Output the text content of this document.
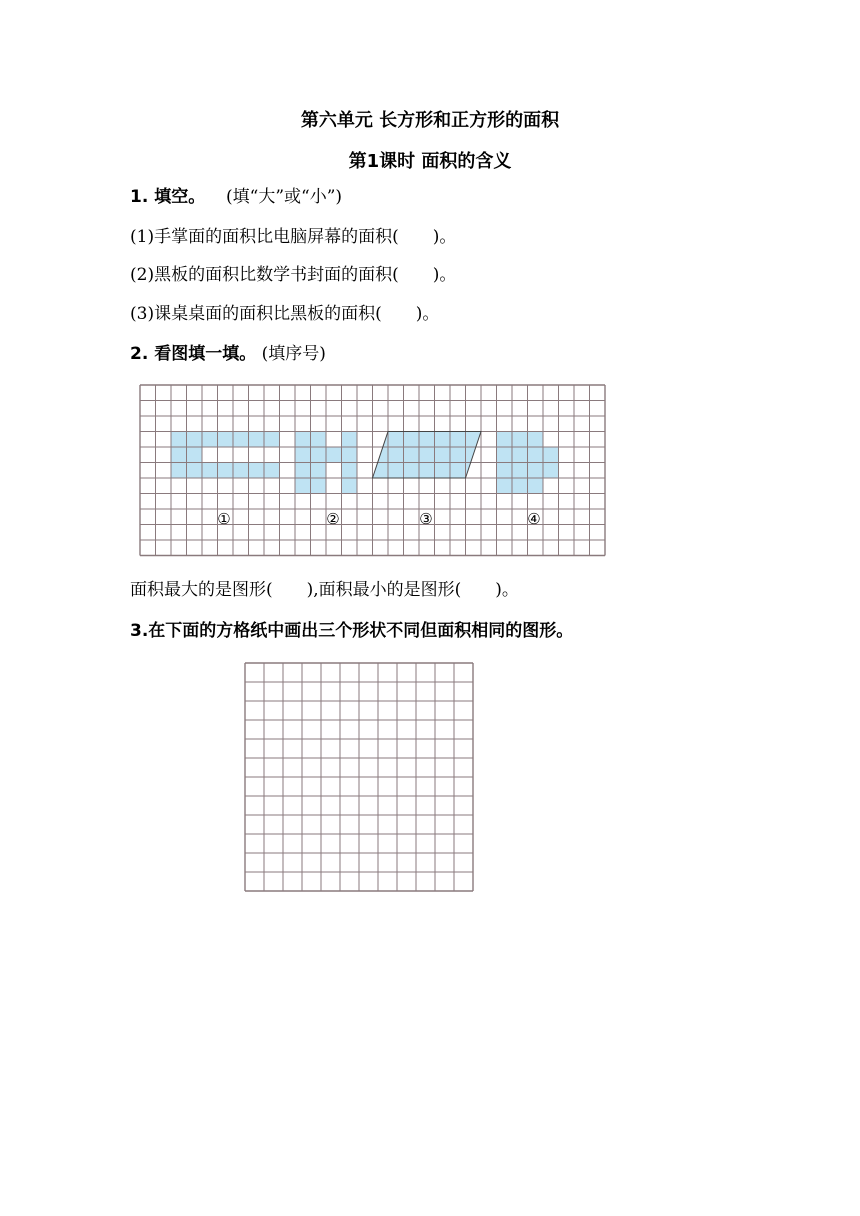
第六单元 长方形和正方形的面积
第1课时 面积的含义
1. 填空。 (填“大”或“小”)
(1)手掌面的面积比电脑屏幕的面积(　　)。
(2)黑板的面积比数学书封面的面积(　　)。
(3)课桌桌面的面积比黑板的面积(　　)。
2. 看图填一填。 (填序号)
①	②	③	④
面积最大的是图形(　　),面积最小的是图形(　　)。
3.在下面的方格纸中画出三个形状不同但面积相同的图形。
